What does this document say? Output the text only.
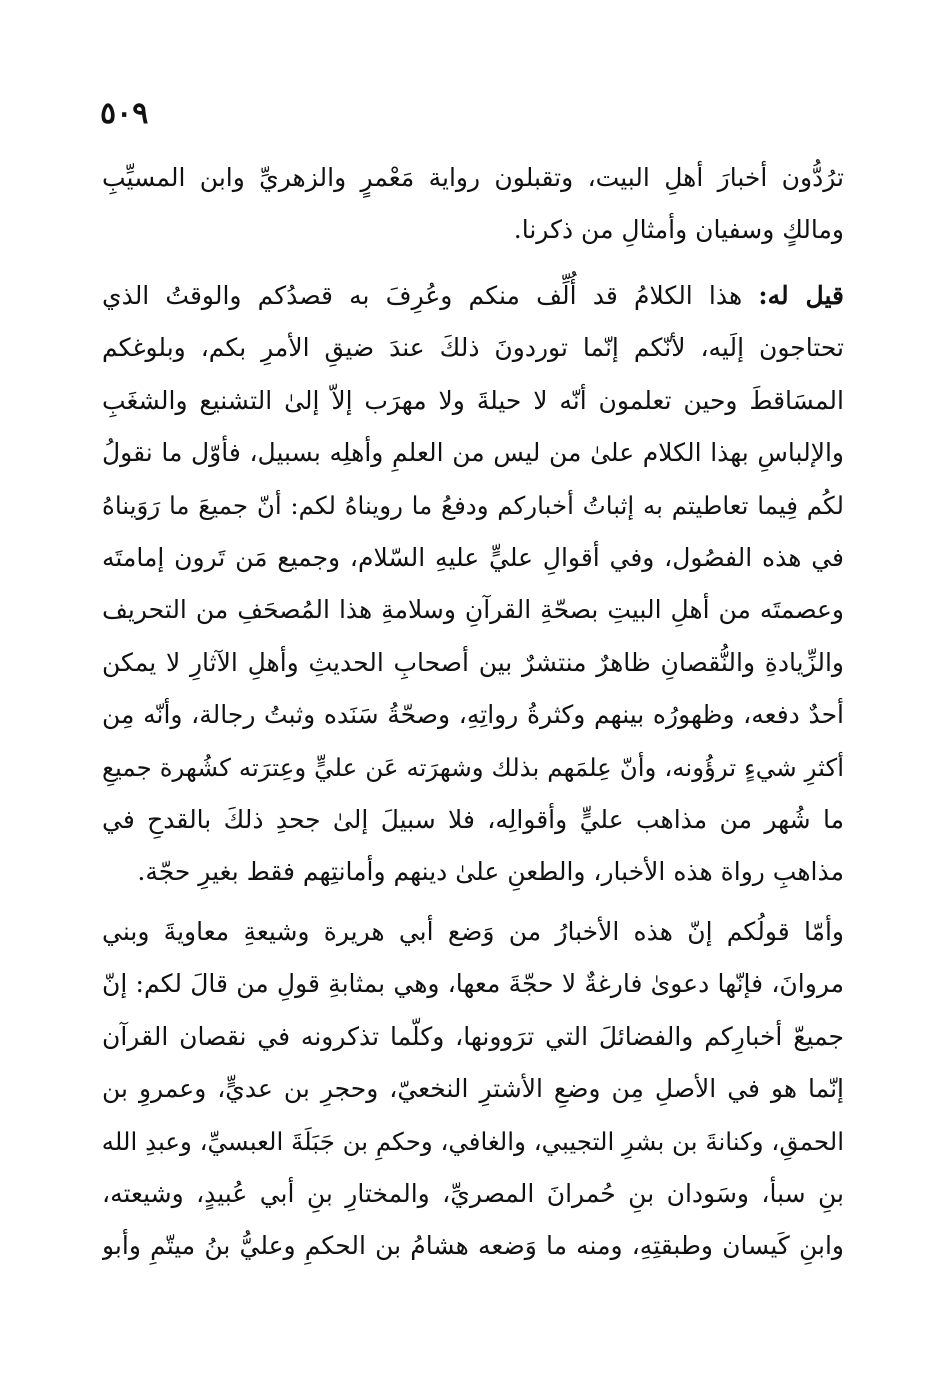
٥٠٩
ترُدُّون أخبارَ أهلِ البيت، وتقبلون رواية مَعْمرٍ والزهريِّ وابن المسيِّبِ
ومالكٍ وسفيان وأمثالِ من ذكرنا.
قيل له: هذا الكلامُ قد أُلِّف منكم وعُرِفَ به قصدُكم والوقتُ الذي
تحتاجون إلَيه، لأنّكم إنّما توردونَ ذلكَ عندَ ضيقِ الأمرِ بكم، وبلوغكم
المسَاقطَ وحين تعلمون أنّه لا حيلةَ ولا مهرَب إلاّ إلىٰ التشنيع والشغَبِ
والإلباسِ بهذا الكلام علىٰ من ليس من العلمِ وأهلِه بسبيل، فأوّل ما نقولُ
لكُم فِيما تعاطيتم به إثباتُ أخباركم ودفعُ ما رويناهُ لكم: أنّ جميعَ ما رَوَيناهُ
في هذه الفصُول، وفي أقوالِ عليٍّ عليهِ السّلام، وجميع مَن تَرون إمامتَه
وعصمتَه من أهلِ البيتِ بصحّةِ القرآنِ وسلامةِ هذا المُصحَفِ من التحريف
والزِّيادةِ والنُّقصانِ ظاهرٌ منتشرٌ بين أصحابِ الحديثِ وأهلِ الآثارِ لا يمكن
أحدٌ دفعه، وظهورُه بينهم وكثرةُ رواتِهِ، وصحّةُ سَنَده وثبتُ رجالة، وأنّه مِن
أكثرِ شيءٍ ترؤُونه، وأنّ عِلمَهم بذلك وشهرَته عَن عليٍّ وعِترَته كشُهرة جميعِ
ما شُهر من مذاهب عليٍّ وأقوالِه، فلا سبيلَ إلىٰ جحدِ ذلكَ بالقدحِ في
مذاهبِ رواة هذه الأخبار، والطعنِ علىٰ دينهم وأمانتِهم فقط بغيرِ حجّة.
وأمّا قولُكم إنّ هذه الأخبارُ من وَضع أبي هريرة وشيعةِ معاويةَ وبني
مروانَ، فإنّها دعوىٰ فارغةٌ لا حجّةَ معها، وهي بمثابةِ قولِ من قالَ لكم: إنّ
جميعّ أخبارِكم والفضائلَ التي ترَوونها، وكلّما تذكرونه في نقصان القرآن
إنّما هو في الأصلِ مِن وضعِ الأشترِ النخعيّ، وحجرِ بن عديٍّ، وعمروِ بن
الحمقِ، وكنانةَ بن بشرِ التجيبي، والغافي، وحكمِ بن جَبَلَةَ العبسيِّ، وعبدِ الله
بنِ سبأ، وسَودان بنِ حُمرانَ المصريِّ، والمختارِ بنِ أبي عُبيدٍ، وشيعته،
وابنِ كَيسان وطبقتِهِ، ومنه ما وَضعه هشامُ بن الحكمِ وعليُّ بنُ ميتّمِ وأبو
